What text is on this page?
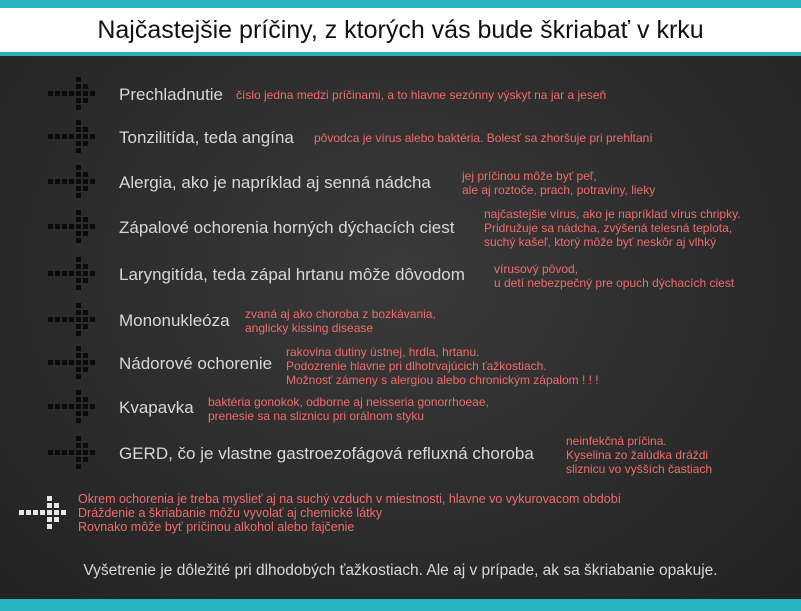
Najčastejšie príčiny, z ktorých vás bude škriabať v krku
Prechladnutie číslo jedna medzi príčinami, a to hlavne sezónny výskyt na jar a jeseň
Tonzilitída, teda angína pôvodca je vírus alebo baktéria. Bolesť sa zhoršuje pri prehĺtaní
Alergia, ako je napríklad aj senná nádcha	jej príčinou môže byť peľ,
ale aj roztoče, prach, potraviny, lieky
Zápalové ochorenia horných dýchacích ciest
najčastejšie vírus, ako je napríklad vírus chripky.
Pridružuje sa nádcha, zvýšená telesná teplota,
suchý kašeľ, ktorý môže byť neskôr aj vlhký
Laryngitída, teda zápal hrtanu môže dôvodom vírusový pôvod,
u detí nebezpečný pre opuch dýchacích ciest
Mononukleóza zvaná aj ako choroba z bozkávania,
anglicky kissing disease
Nádorové ochorenie
rakovina dutiny ústnej, hrdla, hrtanu.
Podozrenie hlavne pri dlhotrvajúcich ťažkostiach.
Možnosť zámeny s alergiou alebo chronickým zápalom ! ! !
Kvapavka baktéria gonokok, odborne aj neisseria gonorrhoeae,
prenesie sa na sliznicu pri orálnom styku
GERD, čo je vlastne gastroezofágová refluxná choroba
neinfekčná príčina.
Kyselina zo žalúdka dráždi
sliznicu vo vyšších častiach
Okrem ochorenia je treba myslieť aj na suchý vzduch v miestnosti, hlavne vo vykurovacom období
Dráždenie a škriabanie môžu vyvolať aj chemické látky
Rovnako môže byť príčinou alkohol alebo fajčenie
Vyšetrenie je dôležité pri dlhodobých ťažkostiach. Ale aj v prípade, ak sa škriabanie opakuje.
